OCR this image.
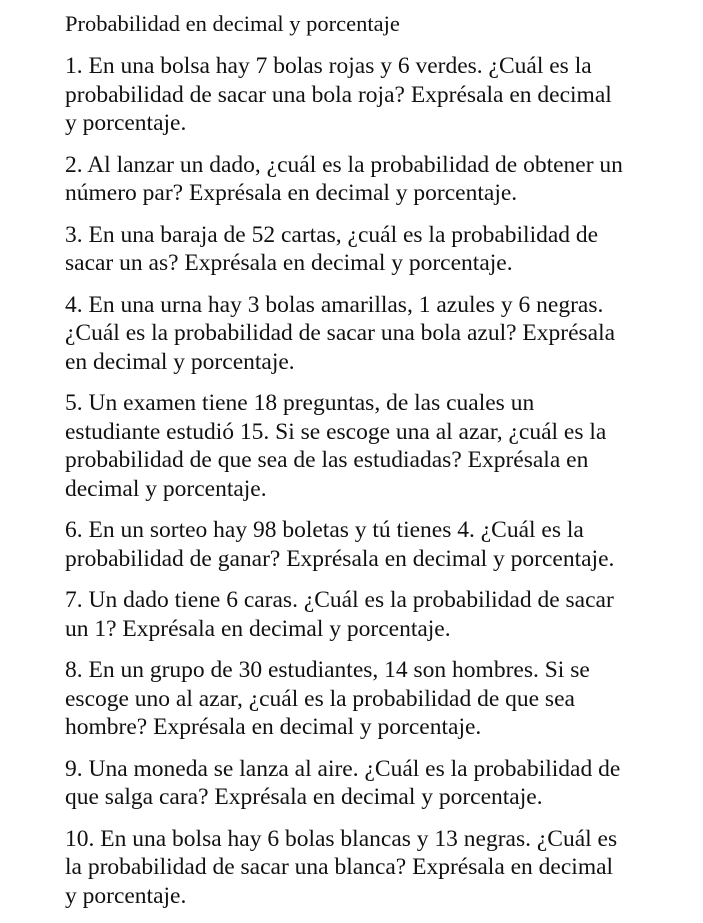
Probabilidad en decimal y porcentaje
1. En una bolsa hay 7 bolas rojas y 6 verdes. ¿Cuál es la
probabilidad de sacar una bola roja? Exprésala en decimal
y porcentaje.
2. Al lanzar un dado, ¿cuál es la probabilidad de obtener un
número par? Exprésala en decimal y porcentaje.
3. En una baraja de 52 cartas, ¿cuál es la probabilidad de
sacar un as? Exprésala en decimal y porcentaje.
4. En una urna hay 3 bolas amarillas, 1 azules y 6 negras.
¿Cuál es la probabilidad de sacar una bola azul? Exprésala
en decimal y porcentaje.
5. Un examen tiene 18 preguntas, de las cuales un
estudiante estudió 15. Si se escoge una al azar, ¿cuál es la
probabilidad de que sea de las estudiadas? Exprésala en
decimal y porcentaje.
6. En un sorteo hay 98 boletas y tú tienes 4. ¿Cuál es la
probabilidad de ganar? Exprésala en decimal y porcentaje.
7. Un dado tiene 6 caras. ¿Cuál es la probabilidad de sacar
un 1? Exprésala en decimal y porcentaje.
8. En un grupo de 30 estudiantes, 14 son hombres. Si se
escoge uno al azar, ¿cuál es la probabilidad de que sea
hombre? Exprésala en decimal y porcentaje.
9. Una moneda se lanza al aire. ¿Cuál es la probabilidad de
que salga cara? Exprésala en decimal y porcentaje.
10. En una bolsa hay 6 bolas blancas y 13 negras. ¿Cuál es
la probabilidad de sacar una blanca? Exprésala en decimal
y porcentaje.
